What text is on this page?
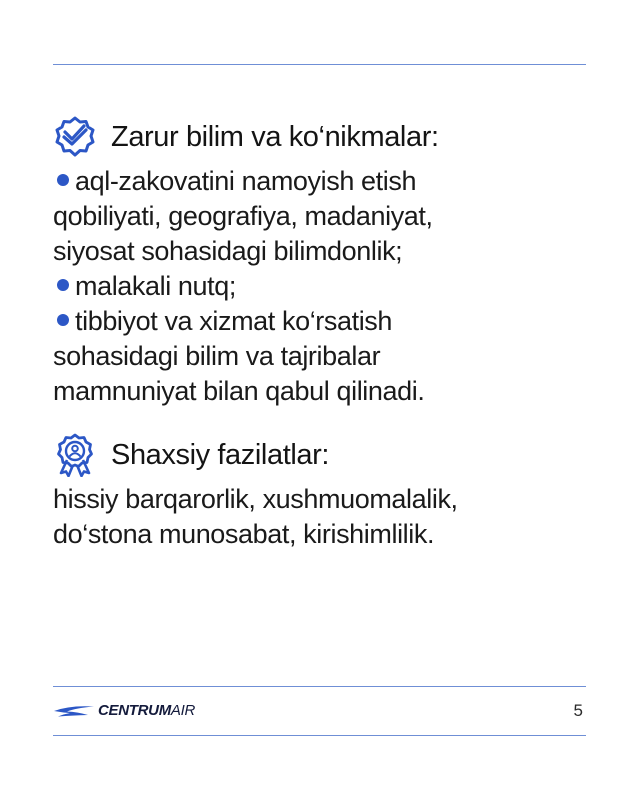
Zarur bilim va ko‘nikmalar:

aql-zakovatini namoyish etish

qobiliyati, geografiya, madaniyat,

siyosat sohasidagi bilimdonlik;

malakali nutq;

tibbiyot va xizmat ko‘rsatish

sohasidagi bilim va tajribalar

mamnuniyat bilan qabul qilinadi.

Shaxsiy fazilatlar:

hissiy barqarorlik, xushmuomalalik,

do‘stona munosabat, kirishimlilik.

CENTRUMAIR	5
